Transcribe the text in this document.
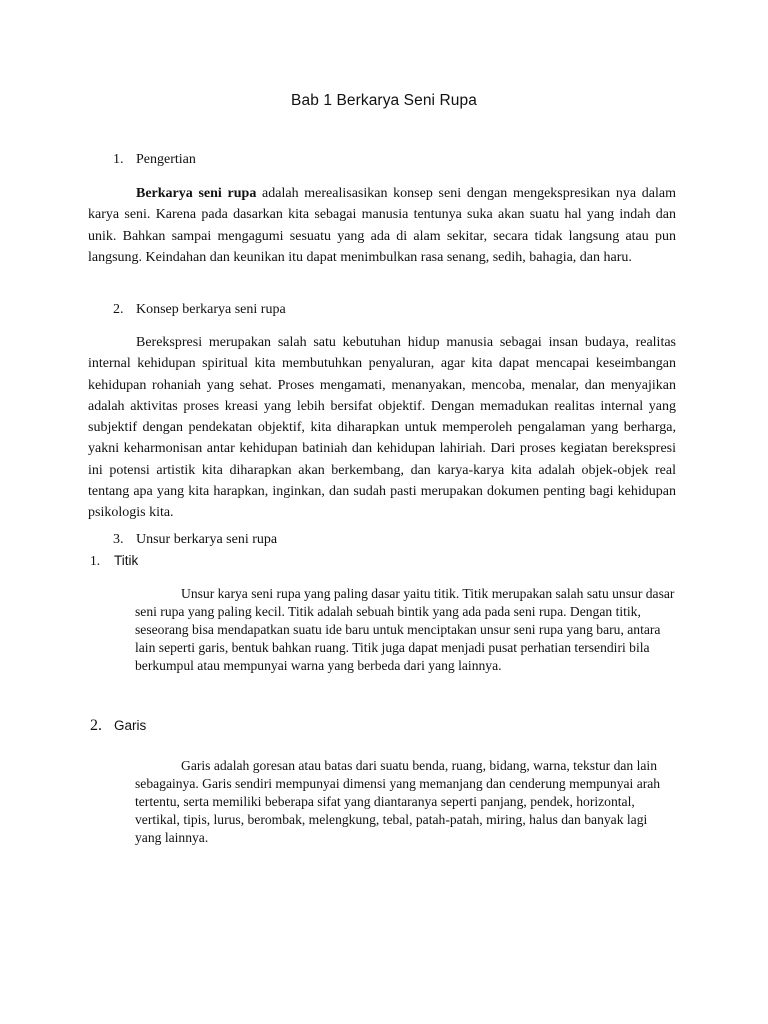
Bab 1 Berkarya Seni Rupa
1. Pengertian

Berkarya seni rupa adalah merealisasikan konsep seni dengan mengekspresikan nya dalam karya seni. Karena pada dasarkan kita sebagai manusia tentunya suka akan suatu hal yang indah dan unik. Bahkan sampai mengagumi sesuatu yang ada di alam sekitar, secara tidak langsung atau pun langsung. Keindahan dan keunikan itu dapat menimbulkan rasa senang, sedih, bahagia, dan haru.

2. Konsep berkarya seni rupa

Berekspresi merupakan salah satu kebutuhan hidup manusia sebagai insan budaya, realitas internal kehidupan spiritual kita membutuhkan penyaluran, agar kita dapat mencapai keseimbangan kehidupan rohaniah yang sehat. Proses mengamati, menanyakan, mencoba, menalar, dan menyajikan adalah aktivitas proses kreasi yang lebih bersifat objektif. Dengan memadukan realitas internal yang subjektif dengan pendekatan objektif, kita diharapkan untuk memperoleh pengalaman yang berharga, yakni keharmonisan antar kehidupan batiniah dan kehidupan lahiriah. Dari proses kegiatan berekspresi ini potensi artistik kita diharapkan akan berkembang, dan karya-karya kita adalah objek-objek real tentang apa yang kita harapkan, inginkan, dan sudah pasti merupakan dokumen penting bagi kehidupan psikologis kita.

3. Unsur berkarya seni rupa
1. Titik

Unsur karya seni rupa yang paling dasar yaitu titik. Titik merupakan salah satu unsur dasar seni rupa yang paling kecil. Titik adalah sebuah bintik yang ada pada seni rupa. Dengan titik, seseorang bisa mendapatkan suatu ide baru untuk menciptakan unsur seni rupa yang baru, antara lain seperti garis, bentuk bahkan ruang. Titik juga dapat menjadi pusat perhatian tersendiri bila berkumpul atau mempunyai warna yang berbeda dari yang lainnya.

2. Garis

Garis adalah goresan atau batas dari suatu benda, ruang, bidang, warna, tekstur dan lain sebagainya. Garis sendiri mempunyai dimensi yang memanjang dan cenderung mempunyai arah tertentu, serta memiliki beberapa sifat yang diantaranya seperti panjang, pendek, horizontal, vertikal, tipis, lurus, berombak, melengkung, tebal, patah-patah, miring, halus dan banyak lagi yang lainnya.
